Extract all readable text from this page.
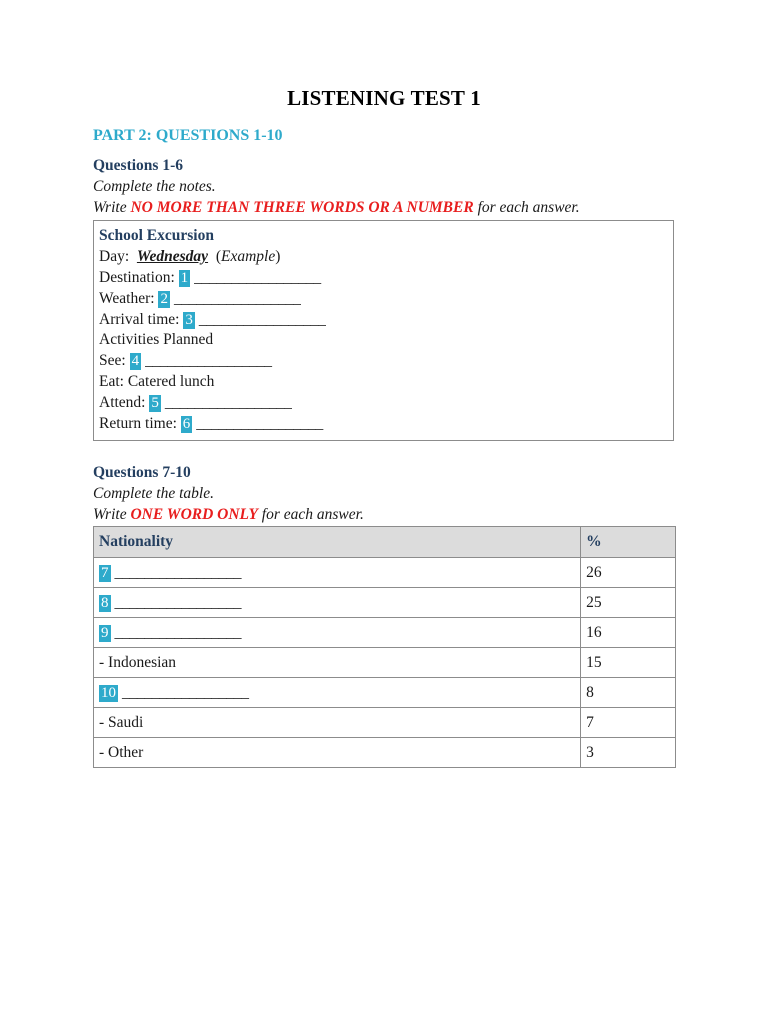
LISTENING TEST 1
PART 2: QUESTIONS 1-10
Questions 1-6
Complete the notes.
Write NO MORE THAN THREE WORDS OR A NUMBER for each answer.
School Excursion
Day: Wednesday  (Example)
Destination: 1 _________________
Weather: 2 _________________
Arrival time: 3 _________________
Activities Planned
See: 4 _________________
Eat: Catered lunch
Attend: 5 _________________
Return time: 6 _________________
Questions 7-10
Complete the table.
Write ONE WORD ONLY for each answer.
Nationality	%
7 _________________	26
8 _________________	25
9 _________________	16
- Indonesian	15
10 _________________	8
- Saudi	7
- Other	3
